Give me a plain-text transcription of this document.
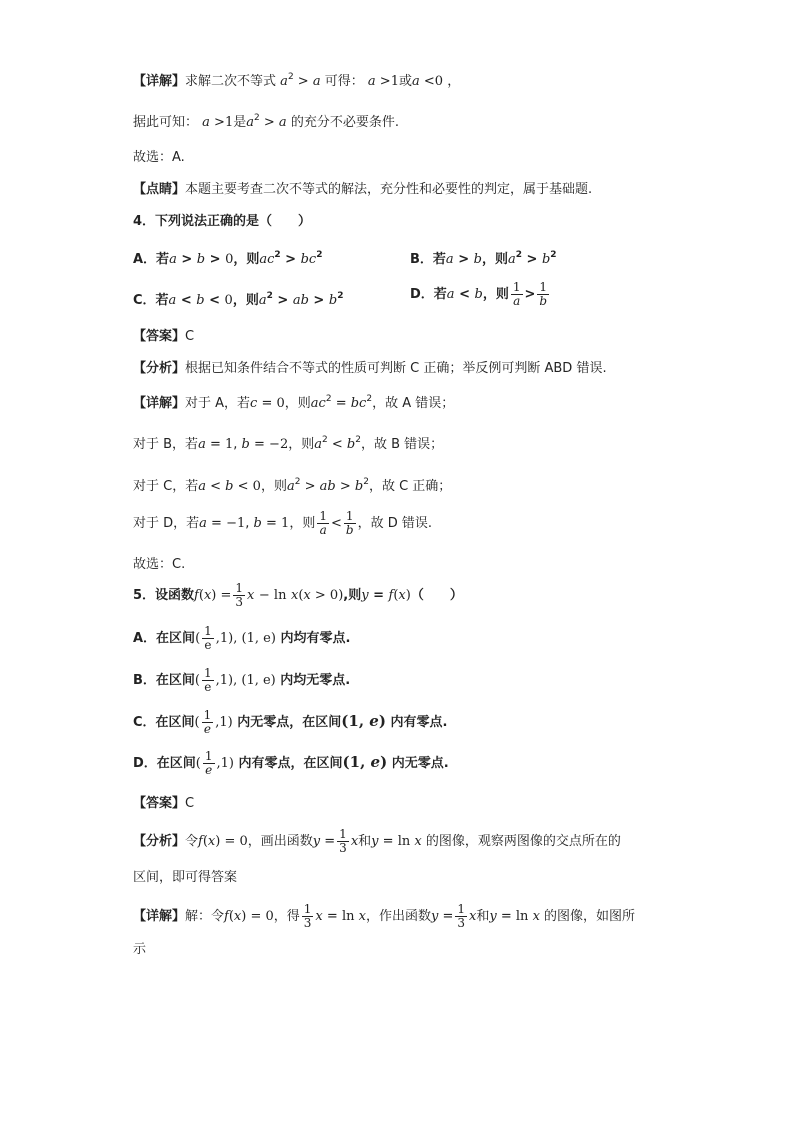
【详解】求解二次不等式 $a^2 > a$ 可得： a >1或a <0 ，
据此可知： a >1是$a^2 > a$ 的充分不必要条件.
故选：A.
【点睛】本题主要考查二次不等式的解法，充分性和必要性的判定，属于基础题.
4．下列说法正确的是（　　）
A．若a > b > 0，则$ac^2 > bc^2$	B．若a > b，则$a^2 > b^2$
C．若a < b < 0，则$a^2$ > ab > $b^2$	D．若a < b，则 $\frac{1}{a} > \frac{1}{b}$
【答案】C
【分析】根据已知条件结合不等式的性质可判断 C 正确；举反例可判断 ABD 错误.
【详解】对于 A，若c = 0，则$ac^2 = bc^2$，故 A 错误；
对于 B，若a = 1, b = −2，则$a^2 < b^2$，故 B 错误；
对于 C，若a < b < 0，则$a^2$ > ab > $b^2$，故 C 正确；
对于 D，若a = −1, b = 1，则 $\frac{1}{a} < \frac{1}{b}$ ，故 D 错误.
故选：C.
5．设函数$f(x) = \frac{1}{3}$ x − ln x(x > 0),则y = f(x)（　　）
A．在区间( $\frac{1}{e} ,1$), (1, e) 内均有零点.
B．在区间( $\frac{1}{e} ,1$), (1, e) 内均无零点.
C．在区间( $\frac{1}{e} ,1$) 内无零点，在区间(1, e) 内有零点.
D．在区间( $\frac{1}{e} ,1$) 内有零点，在区间(1, e) 内无零点.
【答案】C
【分析】令f(x) = 0，画出函数$y = \frac{1}{3}$ x和y = ln x 的图像，观察两图像的交点所在的
区间，即可得答案
【详解】解：令f(x) = 0，得 $\frac{1}{3}$ x = ln x，作出函数$y = \frac{1}{3}$ x和y = ln x 的图像，如图所
示
